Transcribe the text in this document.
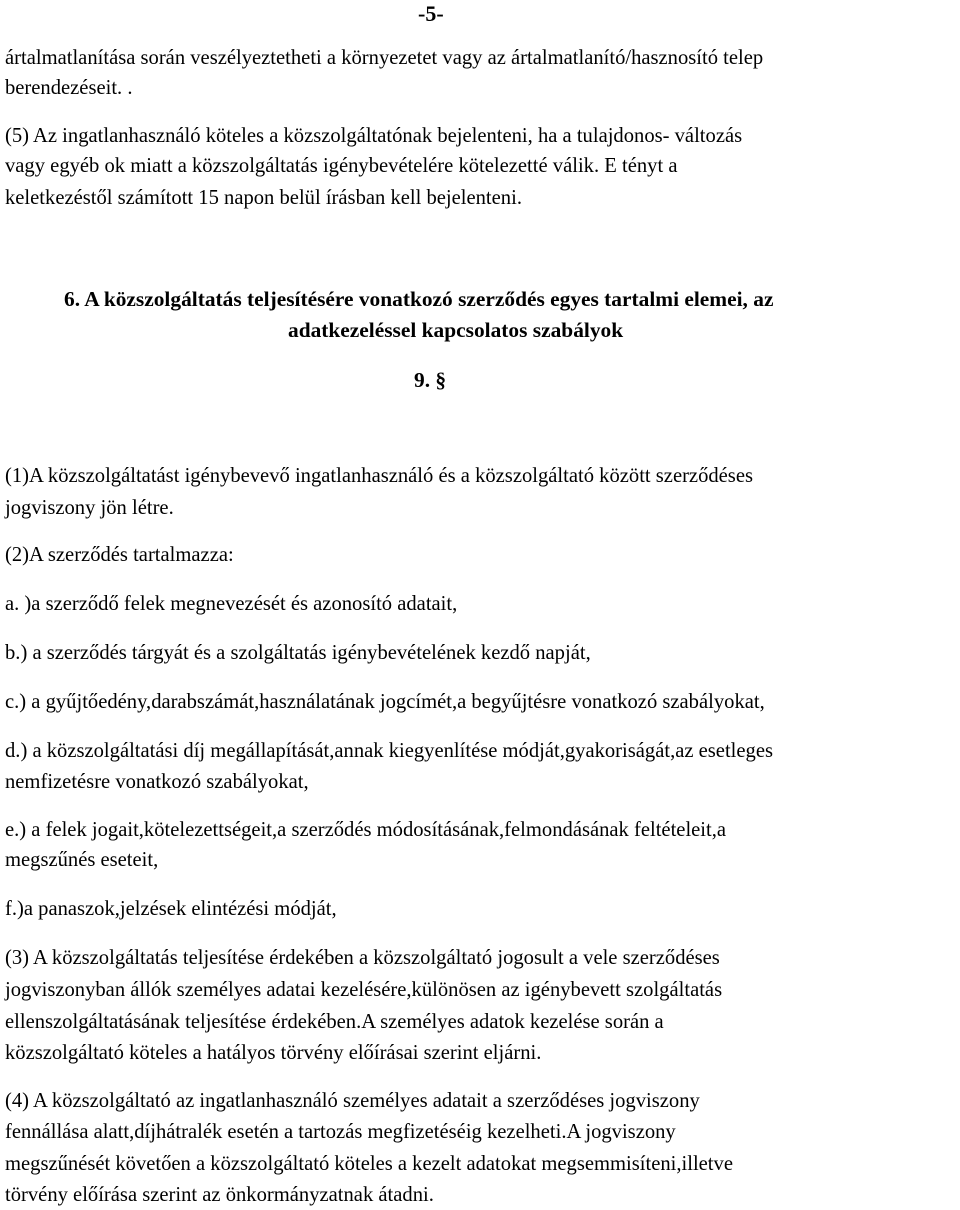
-5-
ártalmatlanítása során veszélyeztetheti a környezetet vagy az ártalmatlanító/hasznosító telep
berendezéseit. .
(5) Az ingatlanhasználó köteles a közszolgáltatónak bejelenteni, ha a tulajdonos- változás
vagy egyéb ok miatt a közszolgáltatás igénybevételére kötelezetté válik. E tényt a
keletkezéstől számított 15 napon belül írásban kell bejelenteni.
6. A közszolgáltatás teljesítésére vonatkozó szerződés egyes tartalmi elemei, az
adatkezeléssel kapcsolatos szabályok
9. §
(1)A közszolgáltatást igénybevevő ingatlanhasználó és a közszolgáltató között szerződéses
jogviszony jön létre.
(2)A szerződés tartalmazza:
a. )a szerződő felek megnevezését és azonosító adatait,
b.) a szerződés tárgyát és a szolgáltatás igénybevételének kezdő napját,
c.) a gyűjtőedény,darabszámát,használatának jogcímét,a begyűjtésre vonatkozó szabályokat,
d.) a közszolgáltatási díj megállapítását,annak kiegyenlítése módját,gyakoriságát,az esetleges
nemfizetésre vonatkozó szabályokat,
e.) a felek jogait,kötelezettségeit,a szerződés módosításának,felmondásának feltételeit,a
megszűnés eseteit,
f.)a panaszok,jelzések elintézési módját,
(3) A közszolgáltatás teljesítése érdekében a közszolgáltató jogosult a vele szerződéses
jogviszonyban állók személyes adatai kezelésére,különösen az igénybevett szolgáltatás
ellenszolgáltatásának teljesítése érdekében.A személyes adatok kezelése során a
közszolgáltató köteles a hatályos törvény előírásai szerint eljárni.
(4) A közszolgáltató az ingatlanhasználó személyes adatait a szerződéses jogviszony
fennállása alatt,díjhátralék esetén a tartozás megfizetéséig kezelheti.A jogviszony
megszűnését követően a közszolgáltató köteles a kezelt adatokat megsemmisíteni,illetve
törvény előírása szerint az önkormányzatnak átadni.
